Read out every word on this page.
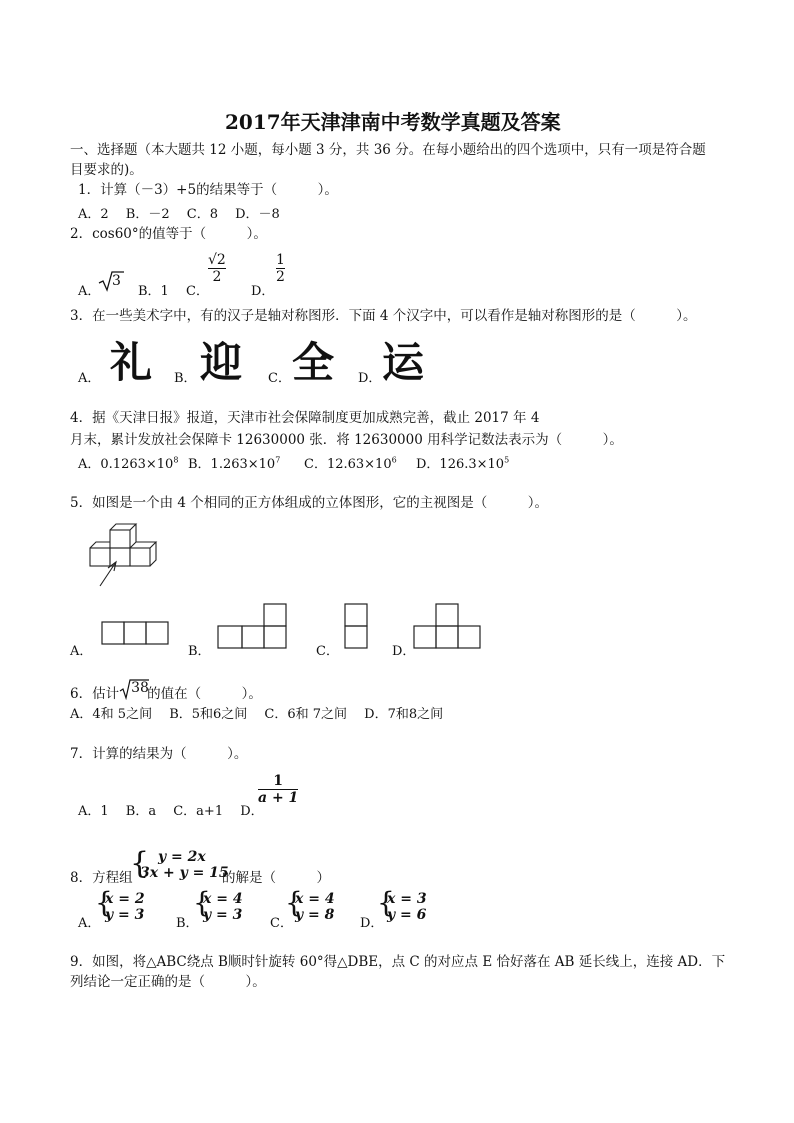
2017年天津津南中考数学真题及答案
一、选择题（本大题共 12 小题，每小题 3 分，共 36 分。在每小题给出的四个选项中，只有一项是符合题
目要求的)。
1．计算（－3）+5的结果等于（　　　）。
A．2　 B．－2　 C．8　 D．－8
2．cos60°的值等于（　　　）。
A．
3
B．1 C．
√2
2
D．
1
2
3．在一些美术字中，有的汉子是轴对称图形．下面 4 个汉字中，可以看作是轴对称图形的是（　　　）。
A． 礼 B． 迎 C． 全 D． 运
4．据《天津日报》报道，天津市社会保障制度更加成熟完善，截止 2017 年 4
月末，累计发放社会保障卡 12630000 张．将 12630000 用科学记数法表示为（　　　）。
A．$0.1263\times 10^8$ B．$1.263\times 10^7$ C．$12.63\times 10^6$ D．$126.3\times 10^5$
5．如图是一个由 4 个相同的正方体组成的立体图形，它的主视图是（　　　）。
A．	B．	C．	D．
6．估计 38
的值在（　　　）。
A．4和 5之间　 B．5和6之间　 C．6和 7之间　 D．7和8之间
7．计算的结果为（　　　）。
A．1　 B．a　 C．a+1　 D．
1
a + 1
8．方程组
{ y = 2x
3x + y = 15
的解是（　　　）
A．
{
x = 2
y = 3
B．
{
x = 4
y = 3
C．
{
x = 4
y = 8
D．
{
x = 3
y = 6
9．如图，将△ABC绕点 B顺时针旋转 60°得△DBE，点 C 的对应点 E 恰好落在 AB 延长线上，连接 AD．下
列结论一定正确的是（　　　）。
